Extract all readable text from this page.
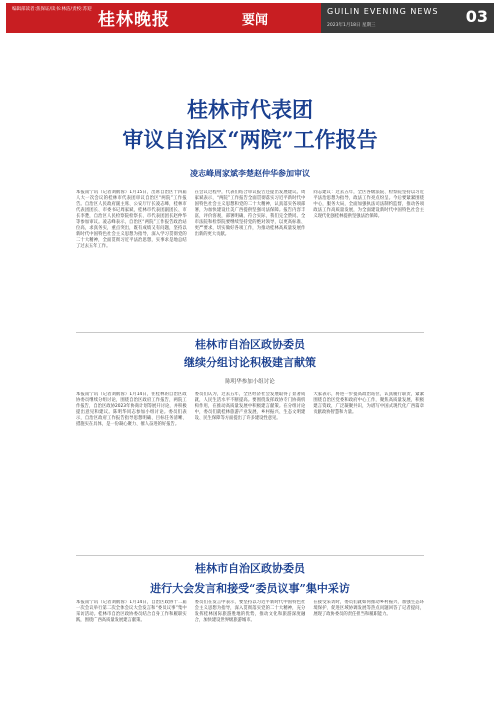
编辑部读者:焦保证/读书:林洁/责校:苏迎
桂林晚报	要闻
GUILIN EVENING NEWS
2023年1月18日 星期三	03
桂林市代表团
审议自治区“两院”工作报告
凌志峰周家斌李楚赵仲华参加审议
本报南宁讯（记者刘鹤蓉）1月15日，出席自治区十四届人大一次会议的桂林市代表团审议自治区“两院”工作报告。自治区人民政府副主席、公安厅厅长凌志峰，桂林市代表团团长、市委书记周家斌，桂林市代表团副团长、市长李楚，自治区人民检察院检察长、市代表团团长赵仲华等参加审议。凌志峰表示，自治区“两院”工作报告政治站位高，求真务实，重点突出，既有成绩又有问题，坚持以新时代中国特色社会主义思想为指导，深入学习贯彻党的二十大精神，全面贯彻习近平法治思想，实事求是地总结了过去五年工作。
在会议过程中，代表们结合审议报告还提出发展建议。周家斌表示，“两院”工作报告全面贯彻落实习近平新时代中国特色社会主义思想和党的二十大精神，认真落实各项部署，为加快建设壮美广西提供坚强司法保障。报告内容丰富，评价客观，部署明确，符合实际，我们完全赞同。全市法院和检察院要继续坚持党的绝对领导，以更高标准、更严要求，切实做好各项工作，为推动桂林高质量发展作出新的更大贡献。
同志建议：过去五年，全区各级法院、检察院坚持以习近平法治思想为指导，政法工作亮点纷呈。今后要紧紧围绕中心，服务大局，全面加强执法司法制约监督，推动各项政法工作高质量发展，为全面建设新时代中国特色社会主义现代化强桂林提供坚强法治保障。
桂林市自治区政协委员
继续分组讨论积极建言献策
陈明华参加小组讨论
本报南宁讯（记者刘鹤蓉）1月14日，住桂林的自治区政协委员继续分组讨论，围绕自治区政府工作报告，两院工作报告，自治区政协2023年协商计划等展开讨论，并积极提出意见和建议。陈明华同志参加小组讨论。委员们表示，自治区政府工作报告指导思想明确、目标任务清晰、措施实在具体，是一份凝心聚力、催人奋进的好报告。
委员们认为，过去五年，全区经济社会发展取得了显著成就，人民生活水平不断提高。要围绕发挥政协专门协商机构作用，在推动高质量发展中积极建言献策。在分组讨论中，委员们就桂林旅游产业发展、乡村振兴、生态文明建设、民生保障等方面提出了许多建设性意见。
大家表示，将进一步提高政治站位，认真履行职责，紧紧围绕自治区党委和政府中心工作，聚焦高质量发展，积极建言资政，广泛凝聚共识，为谱写中国式现代化广西篇章贡献政协智慧和力量。
桂林市自治区政协委员
进行大会发言和接受“委员议事”集中采访
本报南宁讯（记者刘鹤蓉）1月14日，自治区政协十二届一次会议举行第二次全体会议大会发言和“委员议事”集中采访活动。桂林市自治区政协委员结合自身工作和履职实践，围绕广西高质量发展建言献策。
委员们在发言中表示，要坚持以习近平新时代中国特色社会主义思想为指导，深入贯彻落实党的二十大精神，充分发挥桂林国际旅游胜地的优势，推动文化和旅游深度融合，加快建设世界级旅游城市。
在接受采访时，委员们就如何推动乡村振兴、加强生态环境保护、促进区域协调发展等热点问题回答了记者提问，展现了政协委员的责任担当和履职能力。
